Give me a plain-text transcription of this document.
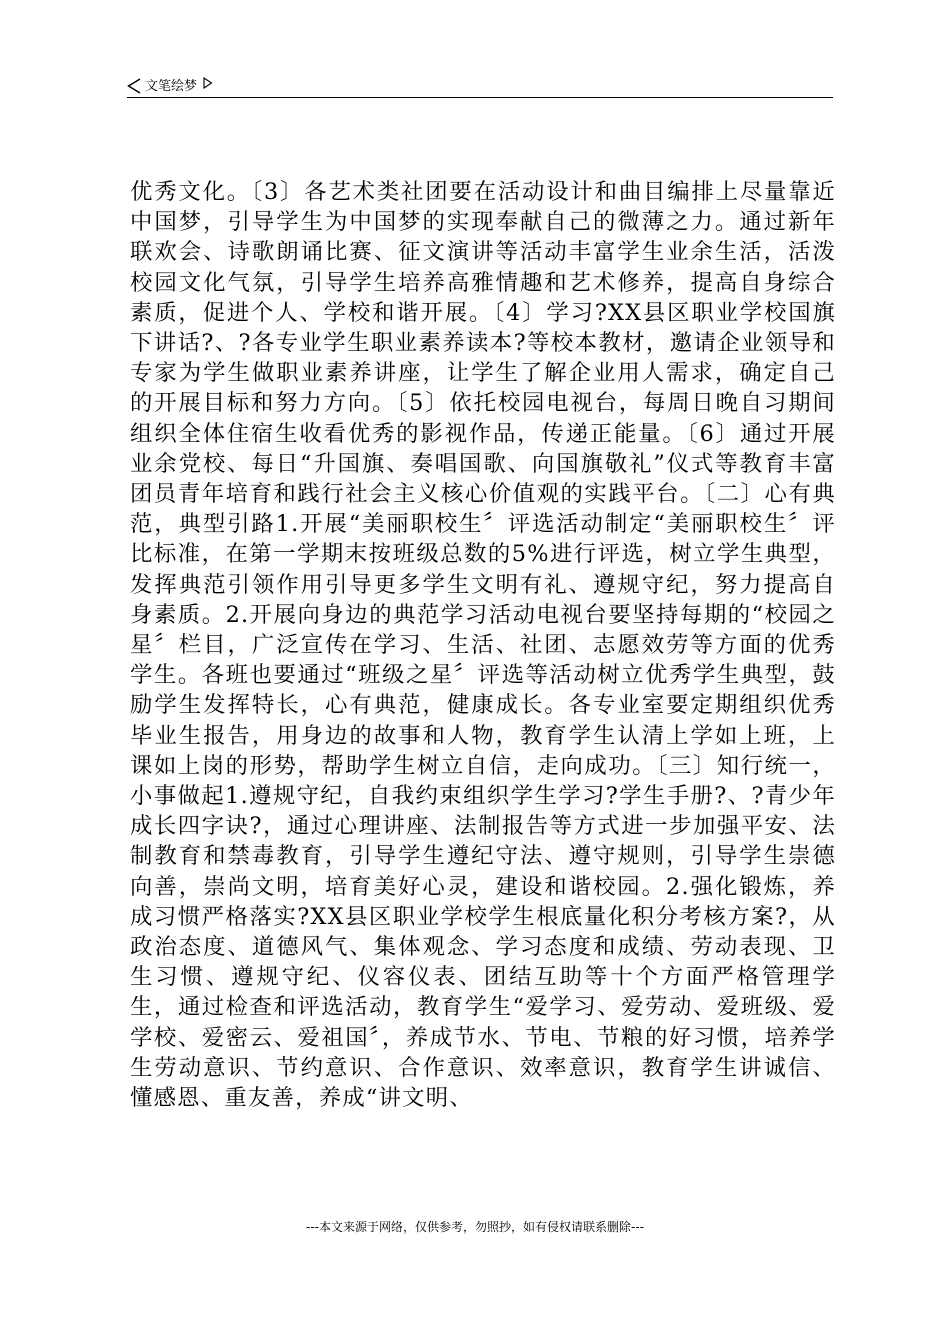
文笔绘梦

优秀文化。〔3〕各艺术类社团要在活动设计和曲目编排上尽量靠近中国梦，引导学生为中国梦的实现奉献自己的微薄之力。通过新年联欢会、诗歌朗诵比赛、征文演讲等活动丰富学生业余生活，活泼校园文化气氛，引导学生培养高雅情趣和艺术修养，提高自身综合素质，促进个人、学校和谐开展。〔4〕学习?XX县区职业学校国旗下讲话?、?各专业学生职业素养读本?等校本教材，邀请企业领导和专家为学生做职业素养讲座，让学生了解企业用人需求，确定自己的开展目标和努力方向。〔5〕依托校园电视台，每周日晚自习期间组织全体住宿生收看优秀的影视作品，传递正能量。〔6〕通过开展业余党校、每日“升国旗、奏唱国歌、向国旗敬礼”仪式等教育丰富团员青年培育和践行社会主义核心价值观的实践平台。〔二〕心有典范，典型引路1.开展“美丽职校生〞评选活动制定“美丽职校生〞评比标准，在第一学期末按班级总数的5%进行评选，树立学生典型，发挥典范引领作用引导更多学生文明有礼、遵规守纪，努力提高自身素质。2.开展向身边的典范学习活动电视台要坚持每期的“校园之星〞栏目，广泛宣传在学习、生活、社团、志愿效劳等方面的优秀学生。各班也要通过“班级之星〞评选等活动树立优秀学生典型，鼓励学生发挥特长，心有典范，健康成长。各专业室要定期组织优秀毕业生报告，用身边的故事和人物，教育学生认清上学如上班，上课如上岗的形势，帮助学生树立自信，走向成功。〔三〕知行统一，小事做起1.遵规守纪，自我约束组织学生学习?学生手册?、?青少年成长四字诀?，通过心理讲座、法制报告等方式进一步加强平安、法制教育和禁毒教育，引导学生遵纪守法、遵守规则，引导学生崇德向善，崇尚文明，培育美好心灵，建设和谐校园。2.强化锻炼，养成习惯严格落实?XX县区职业学校学生根底量化积分考核方案?，从政治态度、道德风气、集体观念、学习态度和成绩、劳动表现、卫生习惯、遵规守纪、仪容仪表、团结互助等十个方面严格管理学生，通过检查和评选活动，教育学生“爱学习、爱劳动、爱班级、爱学校、爱密云、爱祖国〞，养成节水、节电、节粮的好习惯，培养学生劳动意识、节约意识、合作意识、效率意识，教育学生讲诚信、懂感恩、重友善，养成“讲文明、

---本文来源于网络，仅供参考，勿照抄，如有侵权请联系删除---
